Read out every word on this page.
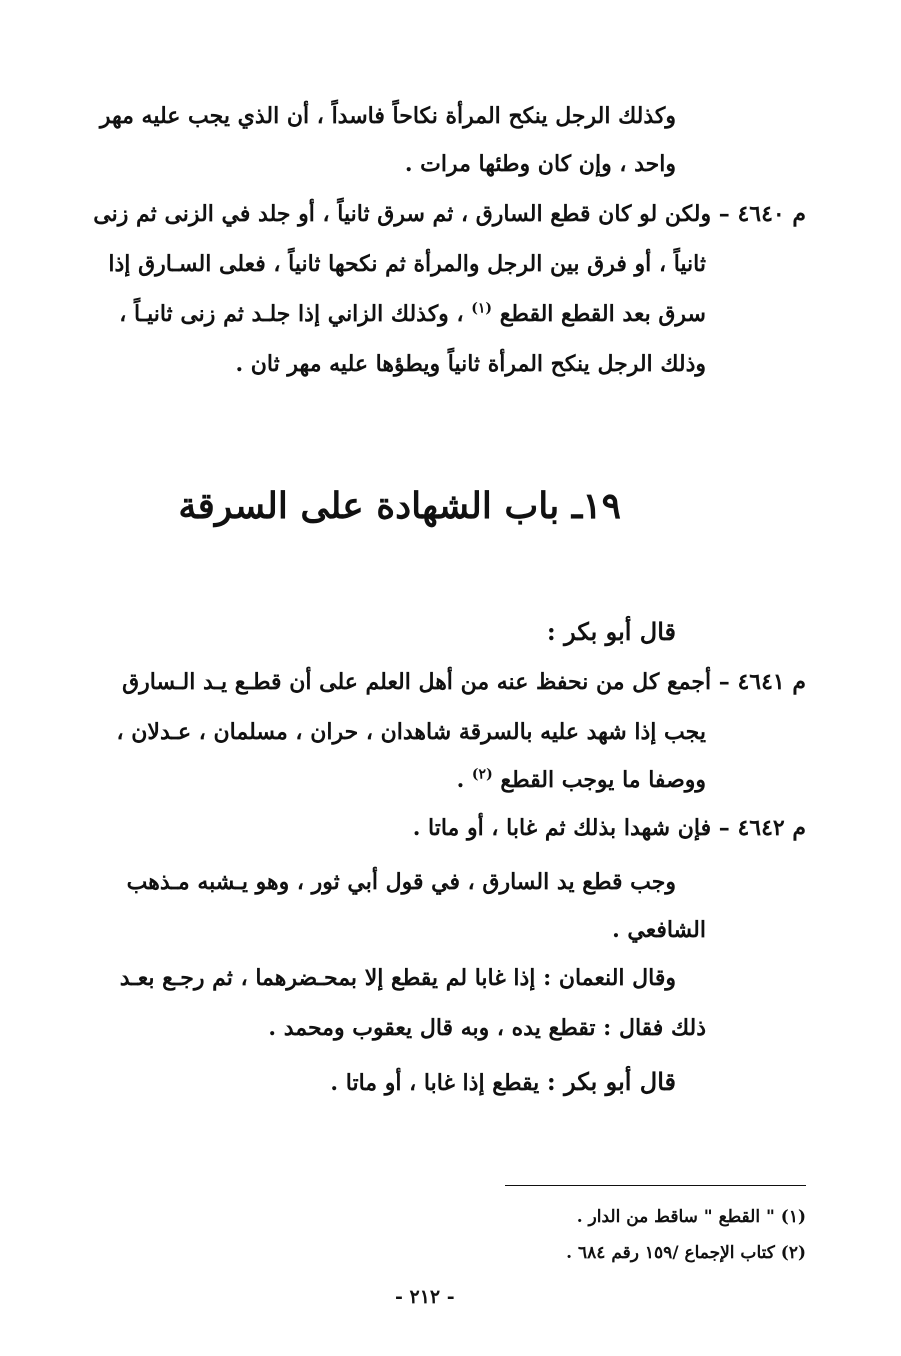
وكذلك الرجل ينكح المرأة نكاحاً فاسداً ، أن الذي يجب عليه مهر
واحد ، وإن كان وطئها مرات .
م ٤٦٤٠ – ولكن لو كان قطع السارق ، ثم سرق ثانياً ، أو جلد في الزنى ثم زنى
ثانياً ، أو فرق بين الرجل والمرأة ثم نكحها ثانياً ، فعلى السـارق إذا
سرق بعد القطع القطع $^{(١)}$ ، وكذلك الزاني إذا جلـد ثم زنى ثانيـاً ،
وذلك الرجل ينكح المرأة ثانياً ويطؤها عليه مهر ثان .
١٩ـ باب الشهادة على السرقة
قال أبو بكر :
م ٤٦٤١ – أجمع كل من نحفظ عنه من أهل العلم على أن قطـع يـد الـسارق
يجب إذا شهد عليه بالسرقة شاهدان ، حران ، مسلمان ، عـدلان ،
ووصفا ما يوجب القطع $^{(٢)}$ .
م ٤٦٤٢ – فإن شهدا بذلك ثم غابا ، أو ماتا .
وجب قطع يد السارق ، في قول أبي ثور ، وهو يـشبه مـذهب
الشافعي .
وقال النعمان : إذا غابا لم يقطع إلا بمحـضرهما ، ثم رجـع بعـد
ذلك فقال : تقطع يده ، وبه قال يعقوب ومحمد .
قال أبو بكر : يقطع إذا غابا ، أو ماتا .
(١) " القطع " ساقط من الدار .
(٢) كتاب الإجماع /١٥٩ رقم ٦٨٤ .
- ٢١٢ -
